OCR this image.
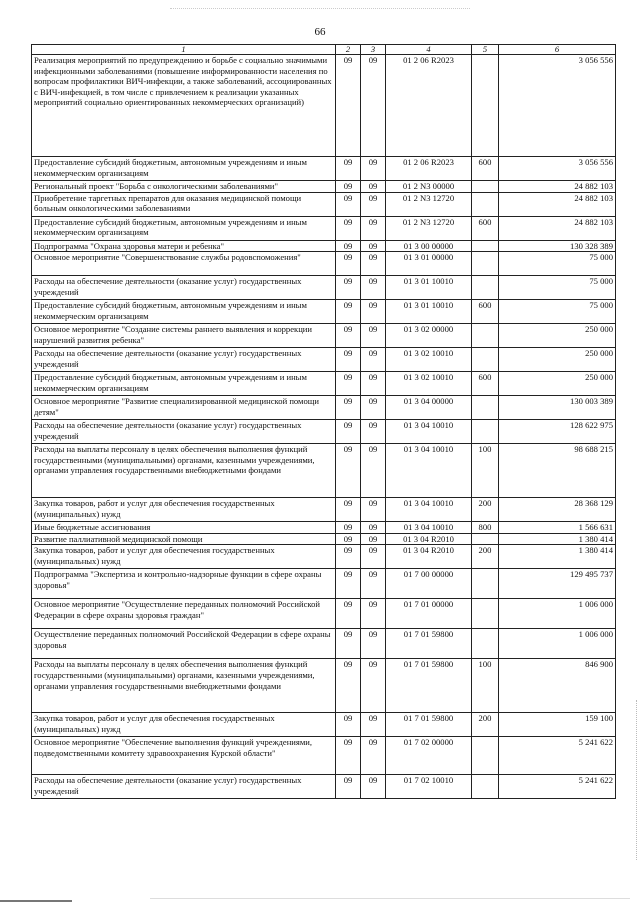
66
1	2	3	4	5	6
Реализация мероприятий по предупреждению и борьбе с социально значимыми инфекционными заболеваниями (повышение информированности населения по вопросам профилактики ВИЧ-инфекции, а также заболеваний, ассоциированных с ВИЧ-инфекцией, в том числе с привлечением к реализации указанных мероприятий социально ориентированных некоммерческих организаций)	09	09	01 2 06 R2023		3 056 556
Предоставление субсидий бюджетным, автономным учреждениям и иным некоммерческим организациям	09	09	01 2 06 R2023	600	3 056 556
Региональный проект "Борьба с онкологическими заболеваниями"	09	09	01 2 N3 00000		24 882 103
Приобретение таргетных препаратов для оказания медицинской помощи больным онкологическими заболеваниями	09	09	01 2 N3 12720		24 882 103
Предоставление субсидий бюджетным, автономным учреждениям и иным некоммерческим организациям	09	09	01 2 N3 12720	600	24 882 103
Подпрограмма "Охрана здоровья матери и ребенка"	09	09	01 3 00 00000		130 328 389
Основное мероприятие "Совершенствование службы родовспоможения"	09	09	01 3 01 00000		75 000
Расходы на обеспечение деятельности (оказание услуг) государственных учреждений	09	09	01 3 01 10010		75 000
Предоставление субсидий бюджетным, автономным учреждениям и иным некоммерческим организациям	09	09	01 3 01 10010	600	75 000
Основное мероприятие "Создание системы раннего выявления и коррекции нарушений развития ребенка"	09	09	01 3 02 00000		250 000
Расходы на обеспечение деятельности (оказание услуг) государственных учреждений	09	09	01 3 02 10010		250 000
Предоставление субсидий бюджетным, автономным учреждениям и иным некоммерческим организациям	09	09	01 3 02 10010	600	250 000
Основное мероприятие "Развитие специализированной медицинской помощи детям"	09	09	01 3 04 00000		130 003 389
Расходы на обеспечение деятельности (оказание услуг) государственных учреждений	09	09	01 3 04 10010		128 622 975
Расходы на выплаты персоналу в целях обеспечения выполнения функций государственными (муниципальными) органами, казенными учреждениями, органами управления государственными внебюджетными фондами	09	09	01 3 04 10010	100	98 688 215
Закупка товаров, работ и услуг для обеспечения государственных (муниципальных) нужд	09	09	01 3 04 10010	200	28 368 129
Иные бюджетные ассигнования	09	09	01 3 04 10010	800	1 566 631
Развитие паллиативной медицинской помощи	09	09	01 3 04 R2010		1 380 414
Закупка товаров, работ и услуг для обеспечения государственных (муниципальных) нужд	09	09	01 3 04 R2010	200	1 380 414
Подпрограмма "Экспертиза и контрольно-надзорные функции в сфере охраны здоровья"	09	09	01 7 00 00000		129 495 737
Основное мероприятие "Осуществление переданных полномочий Российской Федерации в сфере охраны здоровья граждан"	09	09	01 7 01 00000		1 006 000
Осуществление переданных полномочий Российской Федерации в сфере охраны здоровья	09	09	01 7 01 59800		1 006 000
Расходы на выплаты персоналу в целях обеспечения выполнения функций государственными (муниципальными) органами, казенными учреждениями, органами управления государственными внебюджетными фондами	09	09	01 7 01 59800	100	846 900
Закупка товаров, работ и услуг для обеспечения государственных (муниципальных) нужд	09	09	01 7 01 59800	200	159 100
Основное мероприятие "Обеспечение выполнения функций учреждениями, подведомственными комитету здравоохранения Курской области"	09	09	01 7 02 00000		5 241 622
Расходы на обеспечение деятельности (оказание услуг) государственных учреждений	09	09	01 7 02 10010		5 241 622
